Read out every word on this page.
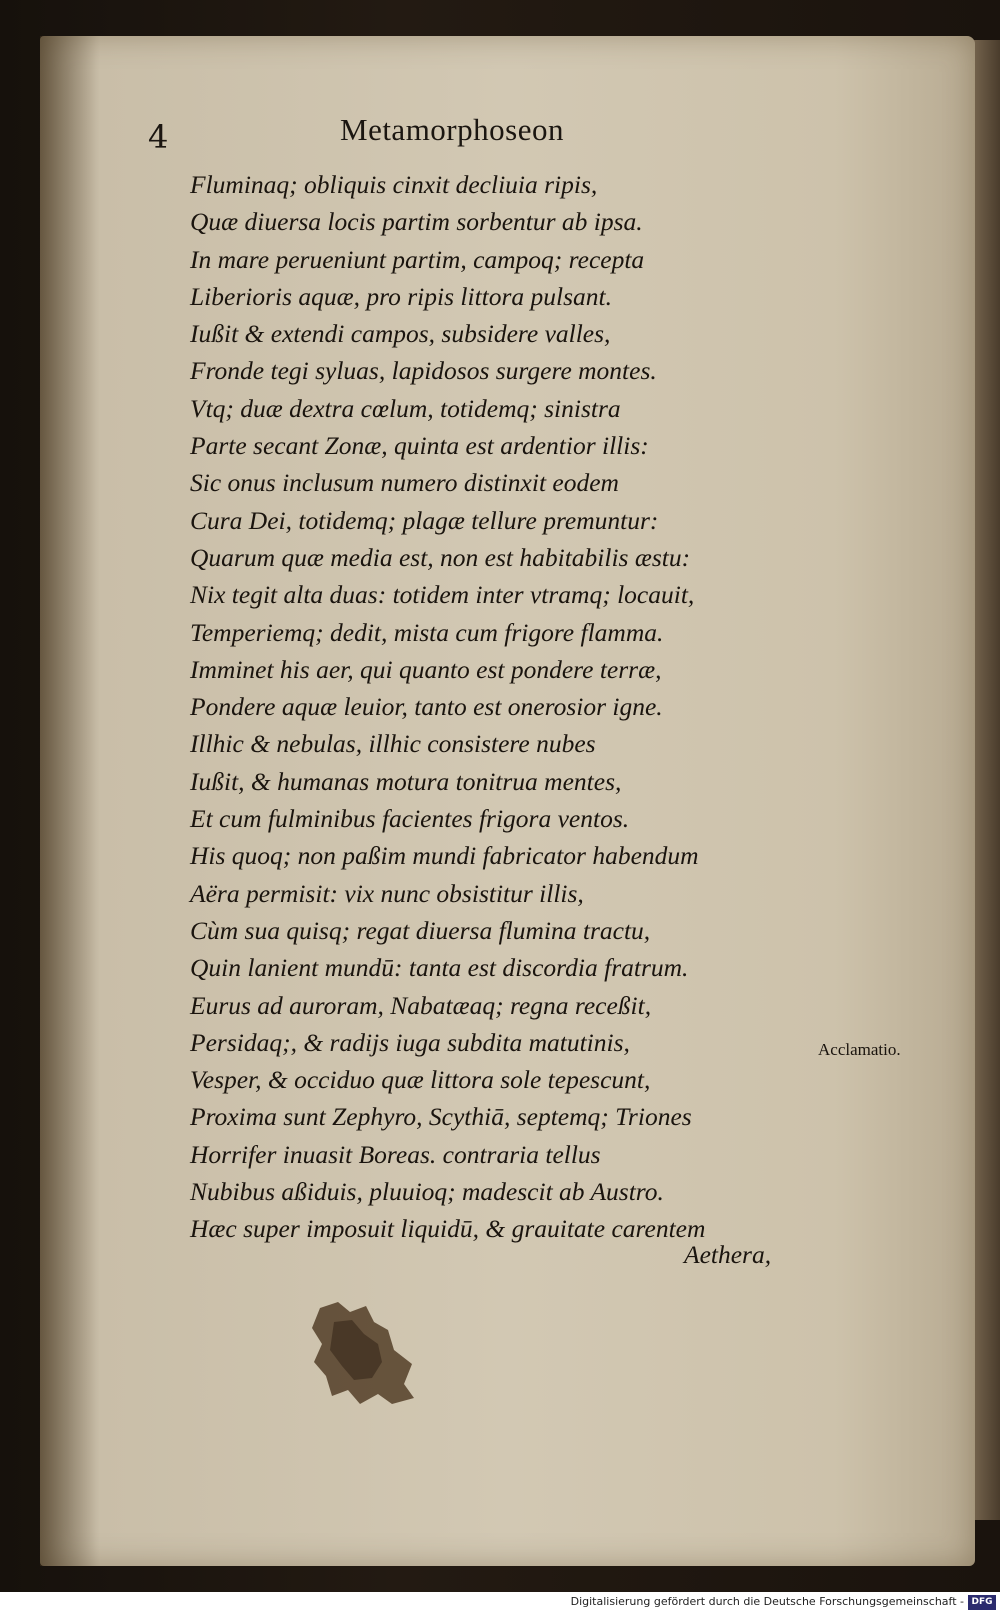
4	Metamorphoseon
Fluminaq; obliquis cinxit decliuia ripis,
Quæ diuersa locis partim sorbentur ab ipsa.
In mare perueniunt partim, campoq; recepta
Liberioris aquæ, pro ripis littora pulsant.
Iußit & extendi campos, subsidere valles,
Fronde tegi syluas, lapidosos surgere montes.
Vtq; duæ dextra cœlum, totidemq; sinistra
Parte secant Zonæ, quinta est ardentior illis:
Sic onus inclusum numero distinxit eodem
Cura Dei, totidemq; plagæ tellure premuntur:
Quarum quæ media est, non est habitabilis æstu:
Nix tegit alta duas: totidem inter vtramq; locauit,
Temperiemq; dedit, mista cum frigore flamma.
Imminet his aer, qui quanto est pondere terræ,
Pondere aquæ leuior, tanto est onerosior igne.
Illhic & nebulas, illhic consistere nubes
Iußit, & humanas motura tonitrua mentes,
Et cum fulminibus facientes frigora ventos.
His quoq; non paßim mundi fabricator habendum
Aëra permisit: vix nunc obsistitur illis,
Cùm sua quisq; regat diuersa flumina tractu,
Quin lanient mundū: tanta est discordia fratrum.
Eurus ad auroram, Nabatæaq; regna receßit,
Persidaq;, & radijs iuga subdita matutinis,
Vesper, & occiduo quæ littora sole tepescunt,
Proxima sunt Zephyro, Scythiā, septemq; Triones
Horrifer inuasit Boreas. contraria tellus
Nubibus aßiduis, pluuioq; madescit ab Austro.
Hæc super imposuit liquidū, & grauitate carentem
Aethera,
Acclamatio.
Digitalisierung gefördert durch die Deutsche Forschungsgemeinschaft - DFG
